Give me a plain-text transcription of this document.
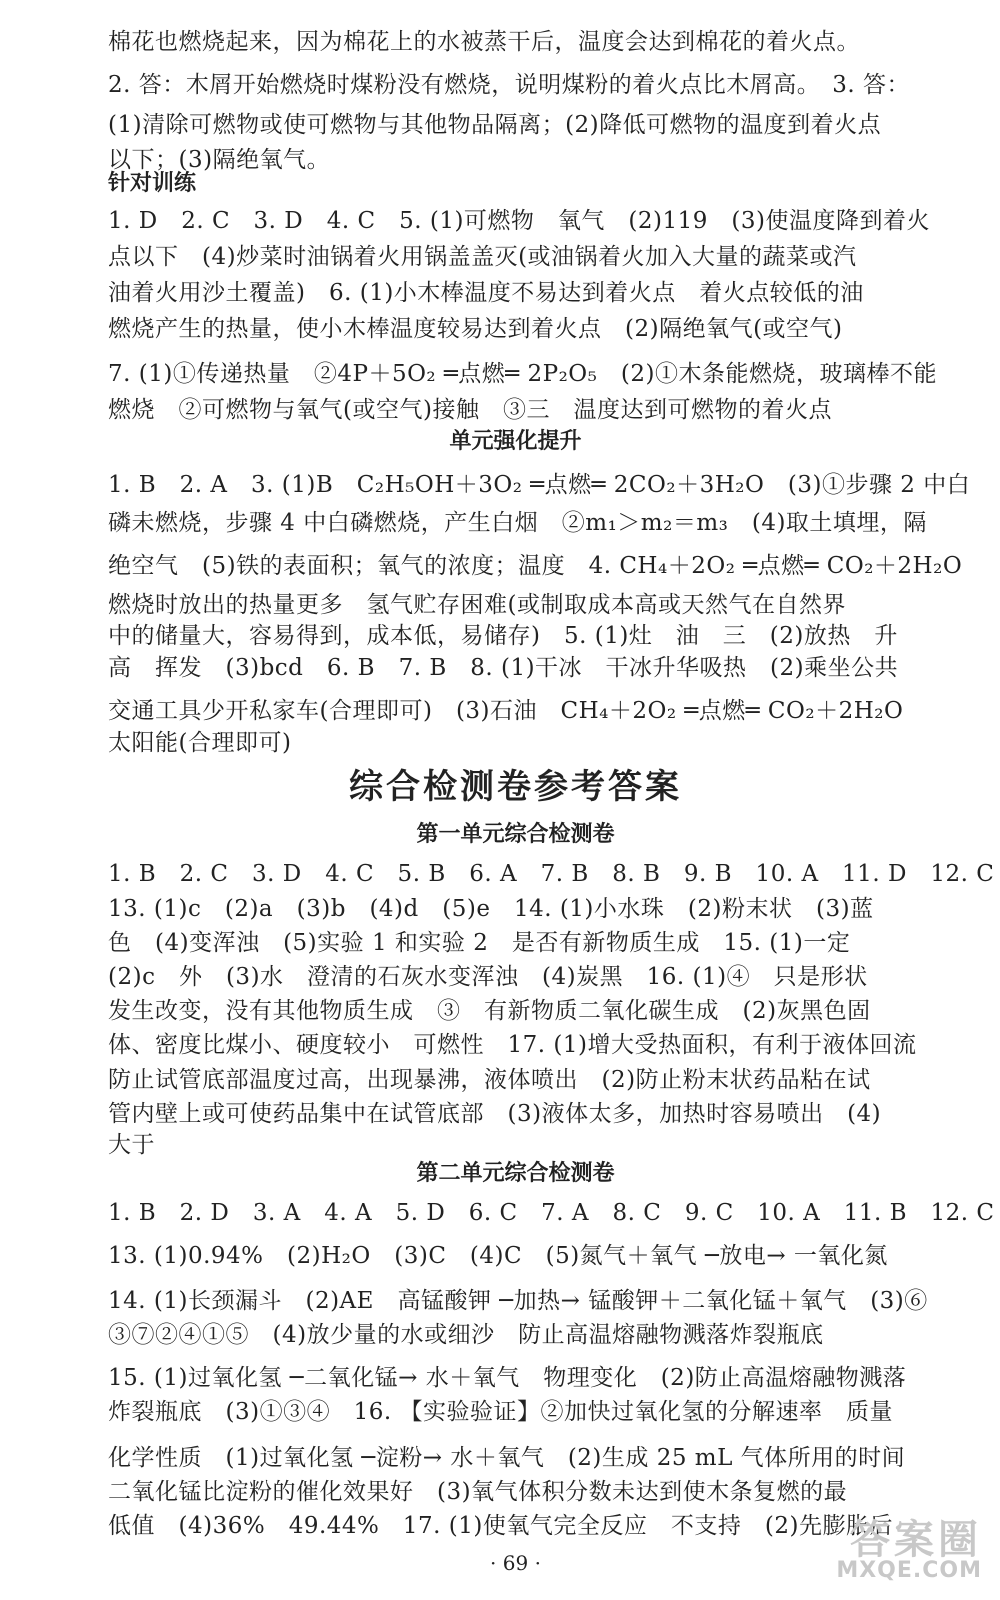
棉花也燃烧起来，因为棉花上的水被蒸干后，温度会达到棉花的着火点。
2. 答：木屑开始燃烧时煤粉没有燃烧，说明煤粉的着火点比木屑高。　3. 答：
(1)清除可燃物或使可燃物与其他物品隔离；(2)降低可燃物的温度到着火点
以下；(3)隔绝氧气。
针对训练
1. D　2. C　3. D　4. C　5. (1)可燃物　氧气　(2)119　(3)使温度降到着火
点以下　(4)炒菜时油锅着火用锅盖盖灭(或油锅着火加入大量的蔬菜或汽
油着火用沙土覆盖)　6. (1)小木棒温度不易达到着火点　着火点较低的油
燃烧产生的热量，使小木棒温度较易达到着火点　(2)隔绝氧气(或空气)
7. (1)①传递热量　②4P＋5O₂ ═点燃═ 2P₂O₅　(2)①木条能燃烧，玻璃棒不能
燃烧　②可燃物与氧气(或空气)接触　③三　温度达到可燃物的着火点
单元强化提升
1. B　2. A　3. (1)B　C₂H₅OH＋3O₂ ═点燃═ 2CO₂＋3H₂O　(3)①步骤 2 中白
磷未燃烧，步骤 4 中白磷燃烧，产生白烟　②m₁＞m₂＝m₃　(4)取土填埋，隔
绝空气　(5)铁的表面积；氧气的浓度；温度　4. CH₄＋2O₂ ═点燃═ CO₂＋2H₂O
燃烧时放出的热量更多　氢气贮存困难(或制取成本高或天然气在自然界
中的储量大，容易得到，成本低，易储存)　5. (1)灶　油　三　(2)放热　升
高　挥发　(3)bcd　6. B　7. B　8. (1)干冰　干冰升华吸热　(2)乘坐公共
交通工具少开私家车(合理即可)　(3)石油　CH₄＋2O₂ ═点燃═ CO₂＋2H₂O
太阳能(合理即可)
综合检测卷参考答案
第一单元综合检测卷
1. B　2. C　3. D　4. C　5. B　6. A　7. B　8. B　9. B　10. A　11. D　12. C
13. (1)c　(2)a　(3)b　(4)d　(5)e　14. (1)小水珠　(2)粉末状　(3)蓝
色　(4)变浑浊　(5)实验 1 和实验 2　是否有新物质生成　15. (1)一定
(2)c　外　(3)水　澄清的石灰水变浑浊　(4)炭黑　16. (1)④　只是形状
发生改变，没有其他物质生成　③　有新物质二氧化碳生成　(2)灰黑色固
体、密度比煤小、硬度较小　可燃性　17. (1)增大受热面积，有利于液体回流
防止试管底部温度过高，出现暴沸，液体喷出　(2)防止粉末状药品粘在试
管内壁上或可使药品集中在试管底部　(3)液体太多，加热时容易喷出　(4)
大于
第二单元综合检测卷
1. B　2. D　3. A　4. A　5. D　6. C　7. A　8. C　9. C　10. A　11. B　12. C
13. (1)0.94%　(2)H₂O　(3)C　(4)C　(5)氮气＋氧气 ─放电→ 一氧化氮
14. (1)长颈漏斗　(2)AE　高锰酸钾 ─加热→ 锰酸钾＋二氧化锰＋氧气　(3)⑥
③⑦②④①⑤　(4)放少量的水或细沙　防止高温熔融物溅落炸裂瓶底
15. (1)过氧化氢 ─二氧化锰→ 水＋氧气　物理变化　(2)防止高温熔融物溅落
炸裂瓶底　(3)①③④　16. 【实验验证】②加快过氧化氢的分解速率　质量
化学性质　(1)过氧化氢 ─淀粉→ 水＋氧气　(2)生成 25 mL 气体所用的时间
二氧化锰比淀粉的催化效果好　(3)氧气体积分数未达到使木条复燃的最
低值　(4)36%　49.44%　17. (1)使氧气完全反应　不支持　(2)先膨胀后
· 69 ·	答案圈
MXQE.COM
